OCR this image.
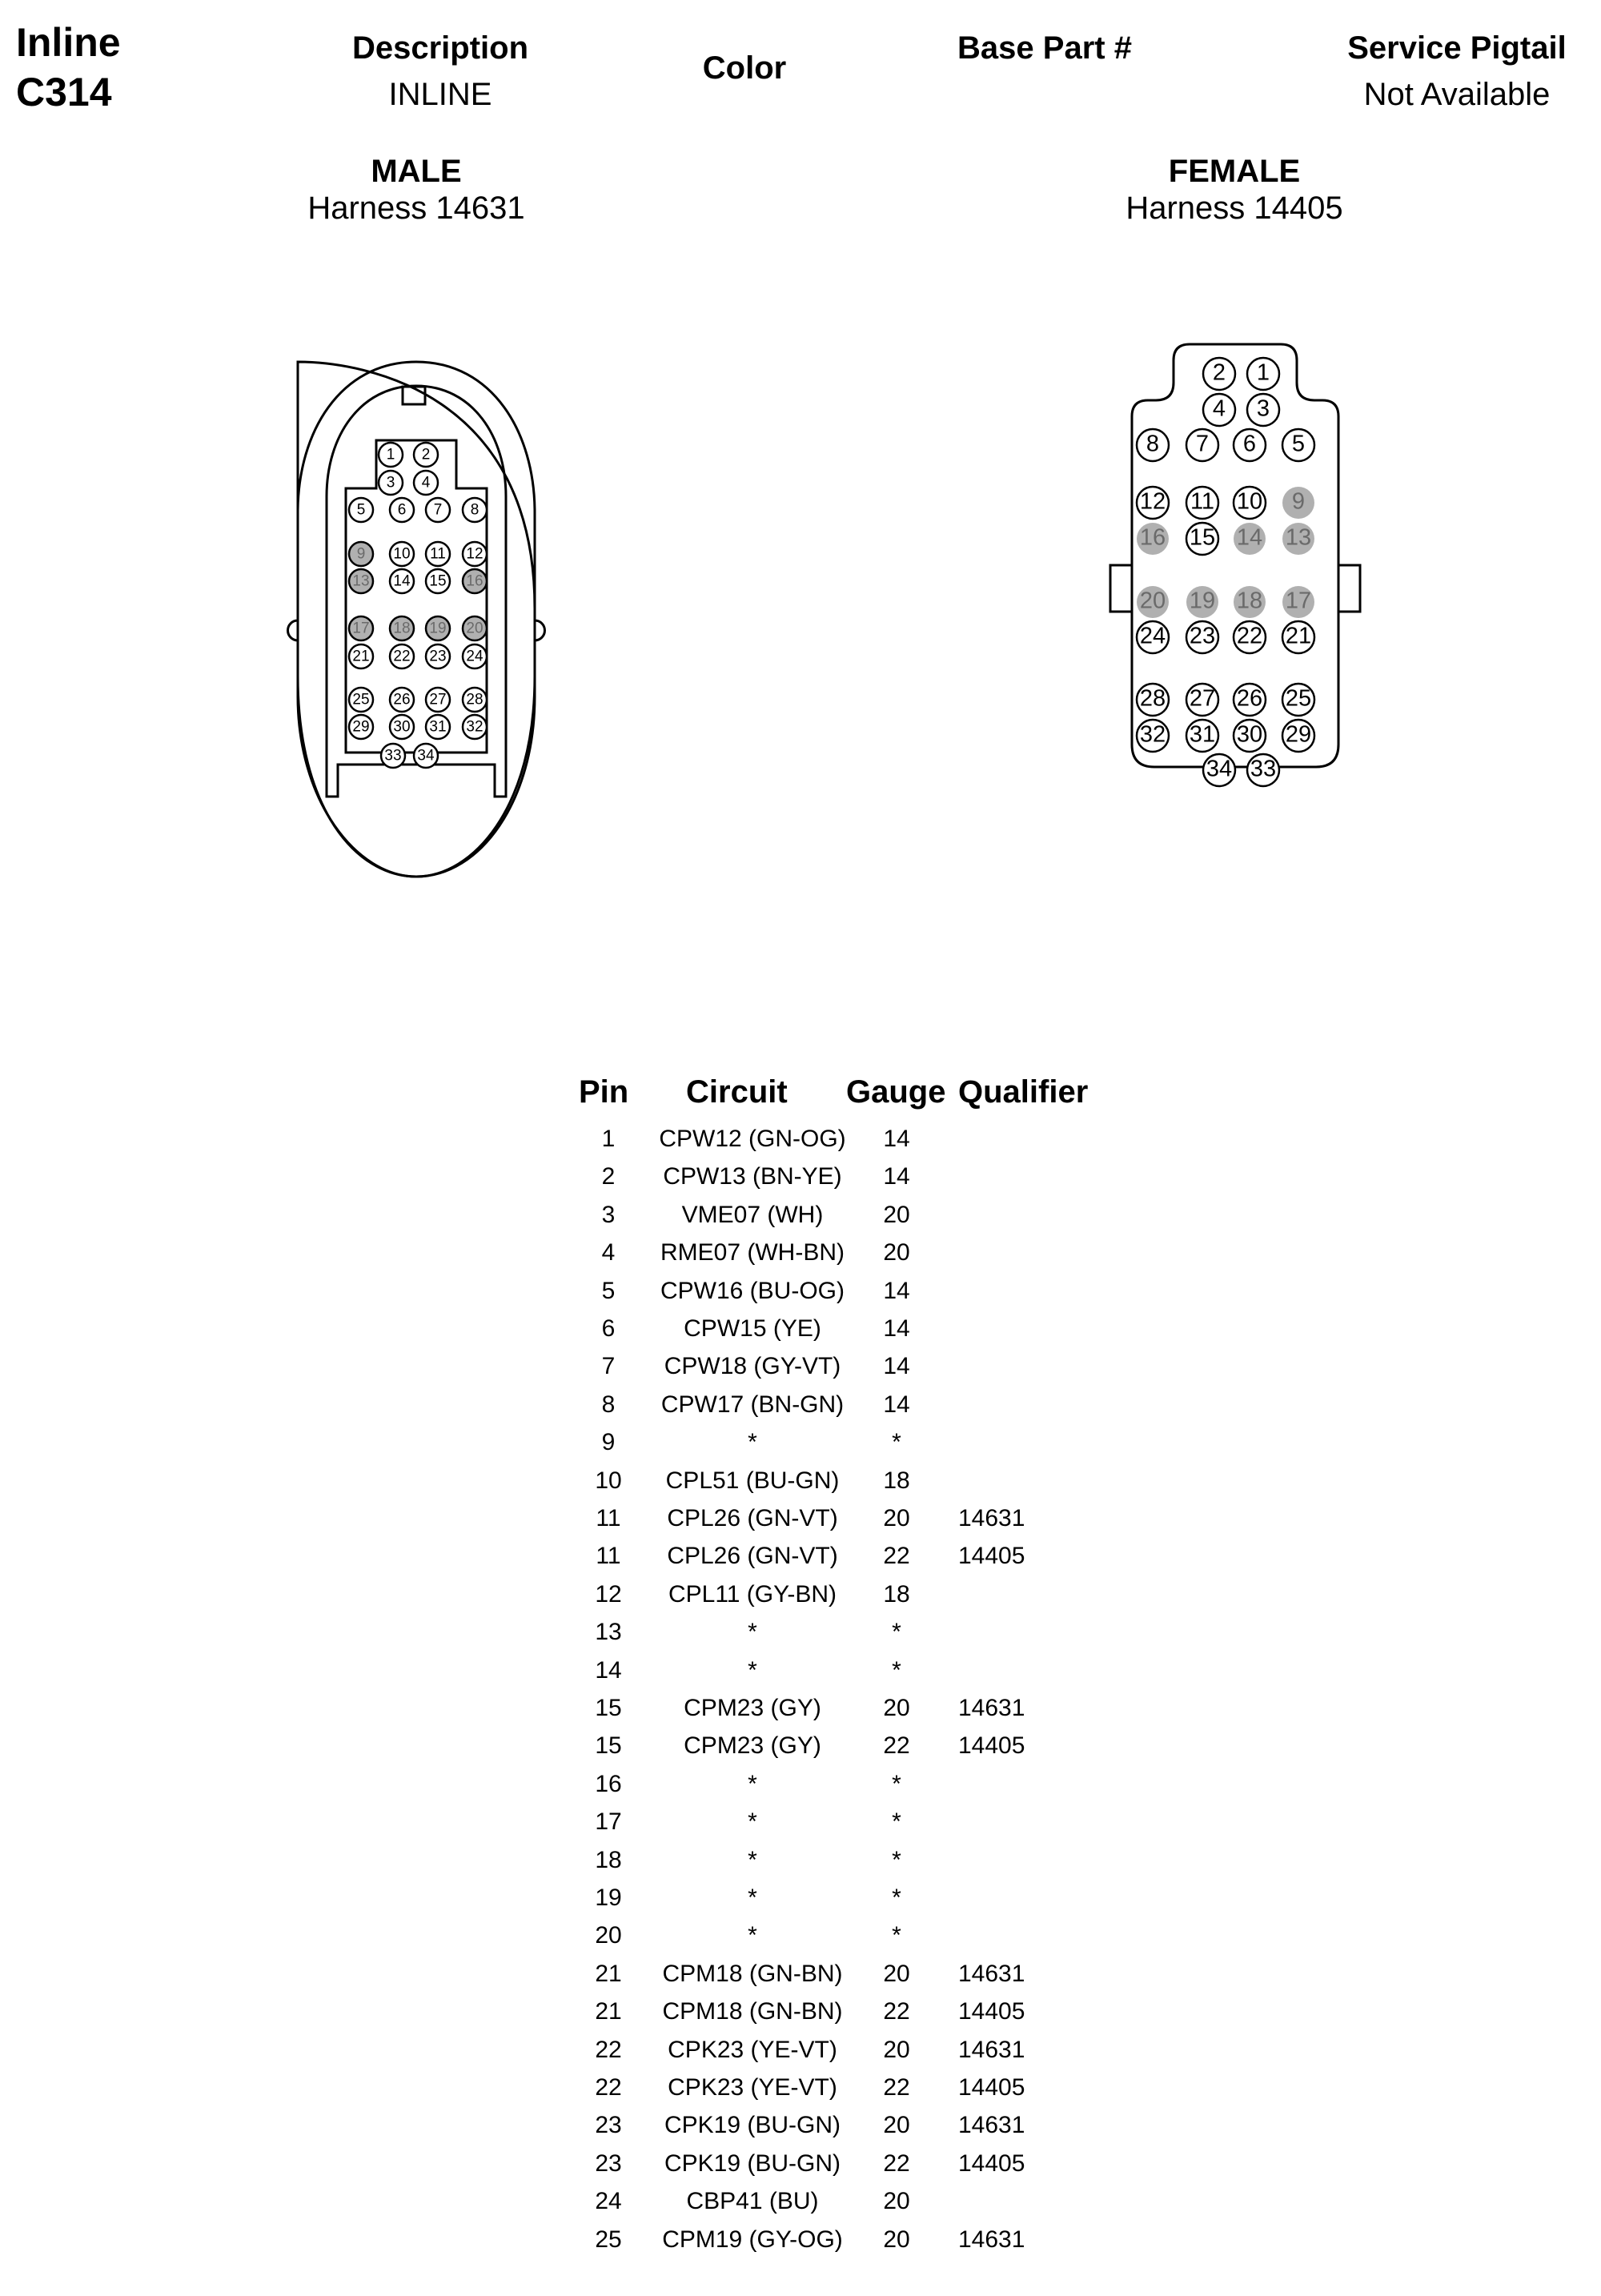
Inline
C314
Description
INLINE
Color
Base Part #	Service Pigtail
Not Available
MALE
Harness 14631
FEMALE
Harness 14405
1 2
3 4
5 6 7 8
9 10 11 12
13 14 15 16
17 18 19 20
21 22 23 24
25 26 27 28
29 30 31 32
33 34
1
2
3
4
5
6
7
8
9
10
11
12
13
14
15
16
17
18
19
20
21
22
23
24
25
26
27
28
29
30
31
32
33
34
Pin Circuit Gauge Qualifier
1	CPW12 (GN-OG)	14
2	CPW13 (BN-YE)	14
3	VME07 (WH)	20
4	RME07 (WH-BN)	20
5	CPW16 (BU-OG)	14
6	CPW15 (YE)	14
7	CPW18 (GY-VT)	14
8	CPW17 (BN-GN)	14
9	*	*
10	CPL51 (BU-GN)	18
11	CPL26 (GN-VT)	20	14631
11	CPL26 (GN-VT)	22	14405
12	CPL11 (GY-BN)	18
13	*	*
14	*	*
15	CPM23 (GY)	20	14631
15	CPM23 (GY)	22	14405
16	*	*
17	*	*
18	*	*
19	*	*
20	*	*
21	CPM18 (GN-BN)	20	14631
21	CPM18 (GN-BN)	22	14405
22	CPK23 (YE-VT)	20	14631
22	CPK23 (YE-VT)	22	14405
23	CPK19 (BU-GN)	20	14631
23	CPK19 (BU-GN)	22	14405
24	CBP41 (BU)	20
25	CPM19 (GY-OG)	20	14631
